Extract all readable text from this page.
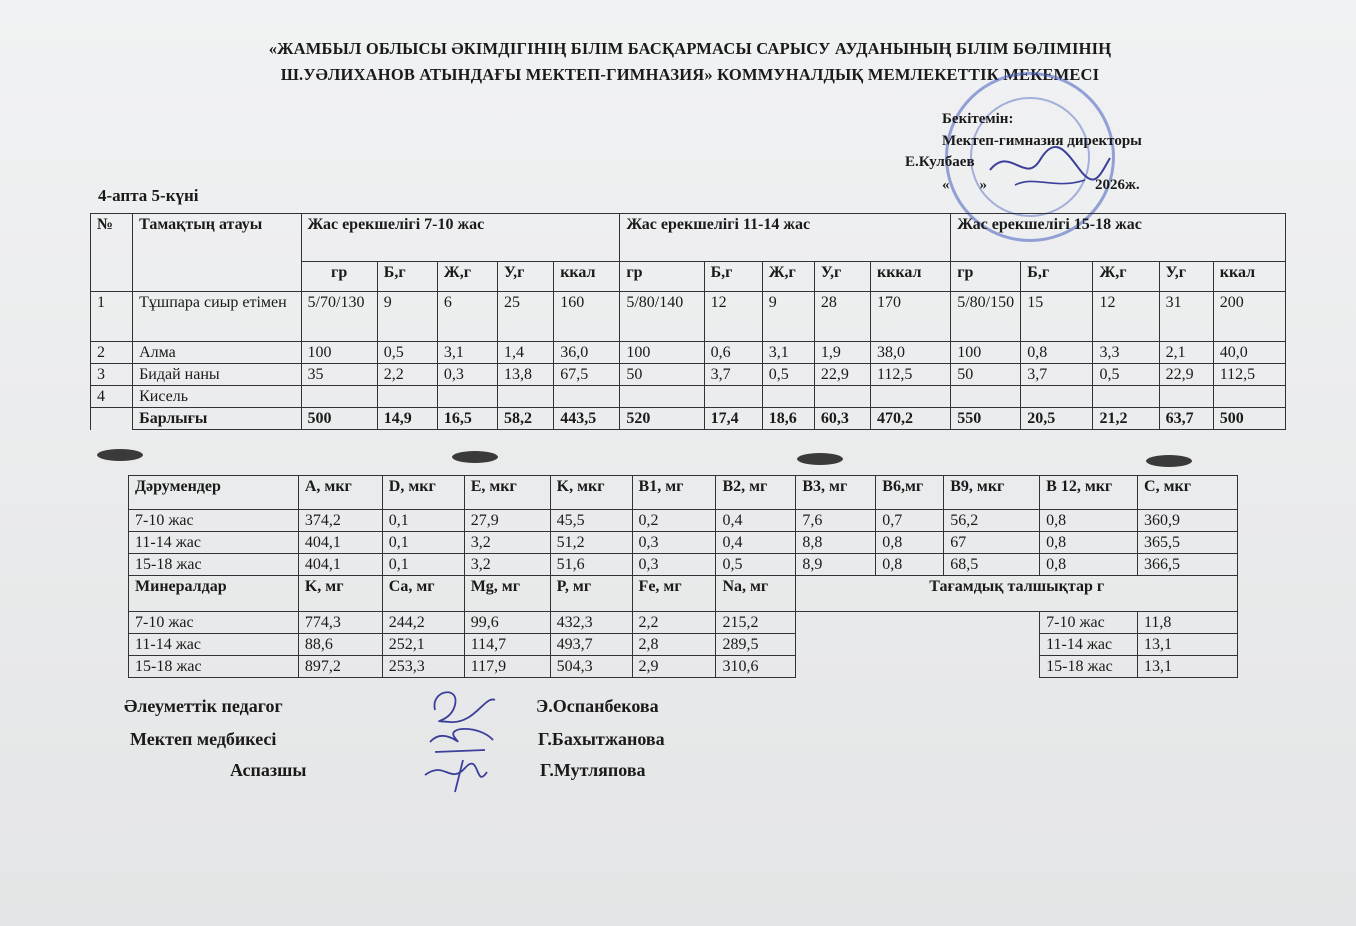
«ЖАМБЫЛ ОБЛЫСЫ ӘКІМДІГІНІҢ БІЛІМ БАСҚАРМАСЫ САРЫСУ АУДАНЫНЫҢ БІЛІМ БӨЛІМІНІҢ
Ш.УӘЛИХАНОВ АТЫНДАҒЫ МЕКТЕП-ГИМНАЗИЯ» КОММУНАЛДЫҚ МЕМЛЕКЕТТІК МЕКЕМЕСІ
Бекітемін:
Мектеп-гимназия директоры
Е.Кулбаев
« »	2026ж.
4-апта 5-күні
№	Тамақтың атауы	Жас ерекшелігі 7-10 жас					Жас ерекшелігі 11-14 жас					Жас ерекшелігі 15-18 жас				
		гр	Б,г	Ж,г	У,г	ккал	гр	Б,г	Ж,г	У,г	кккал	гр	Б,г	Ж,г	У,г	ккал
1	Тұшпара сиыр етімен	5/70/130	9	6	25	160	5/80/140	12	9	28	170	5/80/150	15	12	31	200
2	Алма	100	0,5	3,1	1,4	36,0	100	0,6	3,1	1,9	38,0	100	0,8	3,3	2,1	40,0
3	Бидай наны	35	2,2	0,3	13,8	67,5	50	3,7	0,5	22,9	112,5	50	3,7	0,5	22,9	112,5
4	Кисель															
	Барлығы	500	14,9	16,5	58,2	443,5	520	17,4	18,6	60,3	470,2	550	20,5	21,2	63,7	500
Дәрумендер	A, мкг	D, мкг	E, мкг	K, мкг	B1, мг	B2, мг	B3, мг	B6,мг	B9, мкг	B 12, мкг	C, мкг
7-10 жас	374,2	0,1	27,9	45,5	0,2	0,4	7,6	0,7	56,2	0,8	360,9
11-14 жас	404,1	0,1	3,2	51,2	0,3	0,4	8,8	0,8	67	0,8	365,5
15-18 жас	404,1	0,1	3,2	51,6	0,3	0,5	8,9	0,8	68,5	0,8	366,5
Минералдар	K, мг	Ca, мг	Mg, мг	P, мг	Fe, мг	Na, мг	Тағамдық талшықтар г				
7-10 жас	774,3	244,2	99,6	432,3	2,2	215,2				7-10 жас	11,8
11-14 жас	88,6	252,1	114,7	493,7	2,8	289,5				11-14 жас	13,1
15-18 жас	897,2	253,3	117,9	504,3	2,9	310,6				15-18 жас	13,1
Әлеуметтік педагог	Э.Оспанбекова
Мектеп медбикесі	Г.Бахытжанова
Аспазшы	Г.Мутляпова
